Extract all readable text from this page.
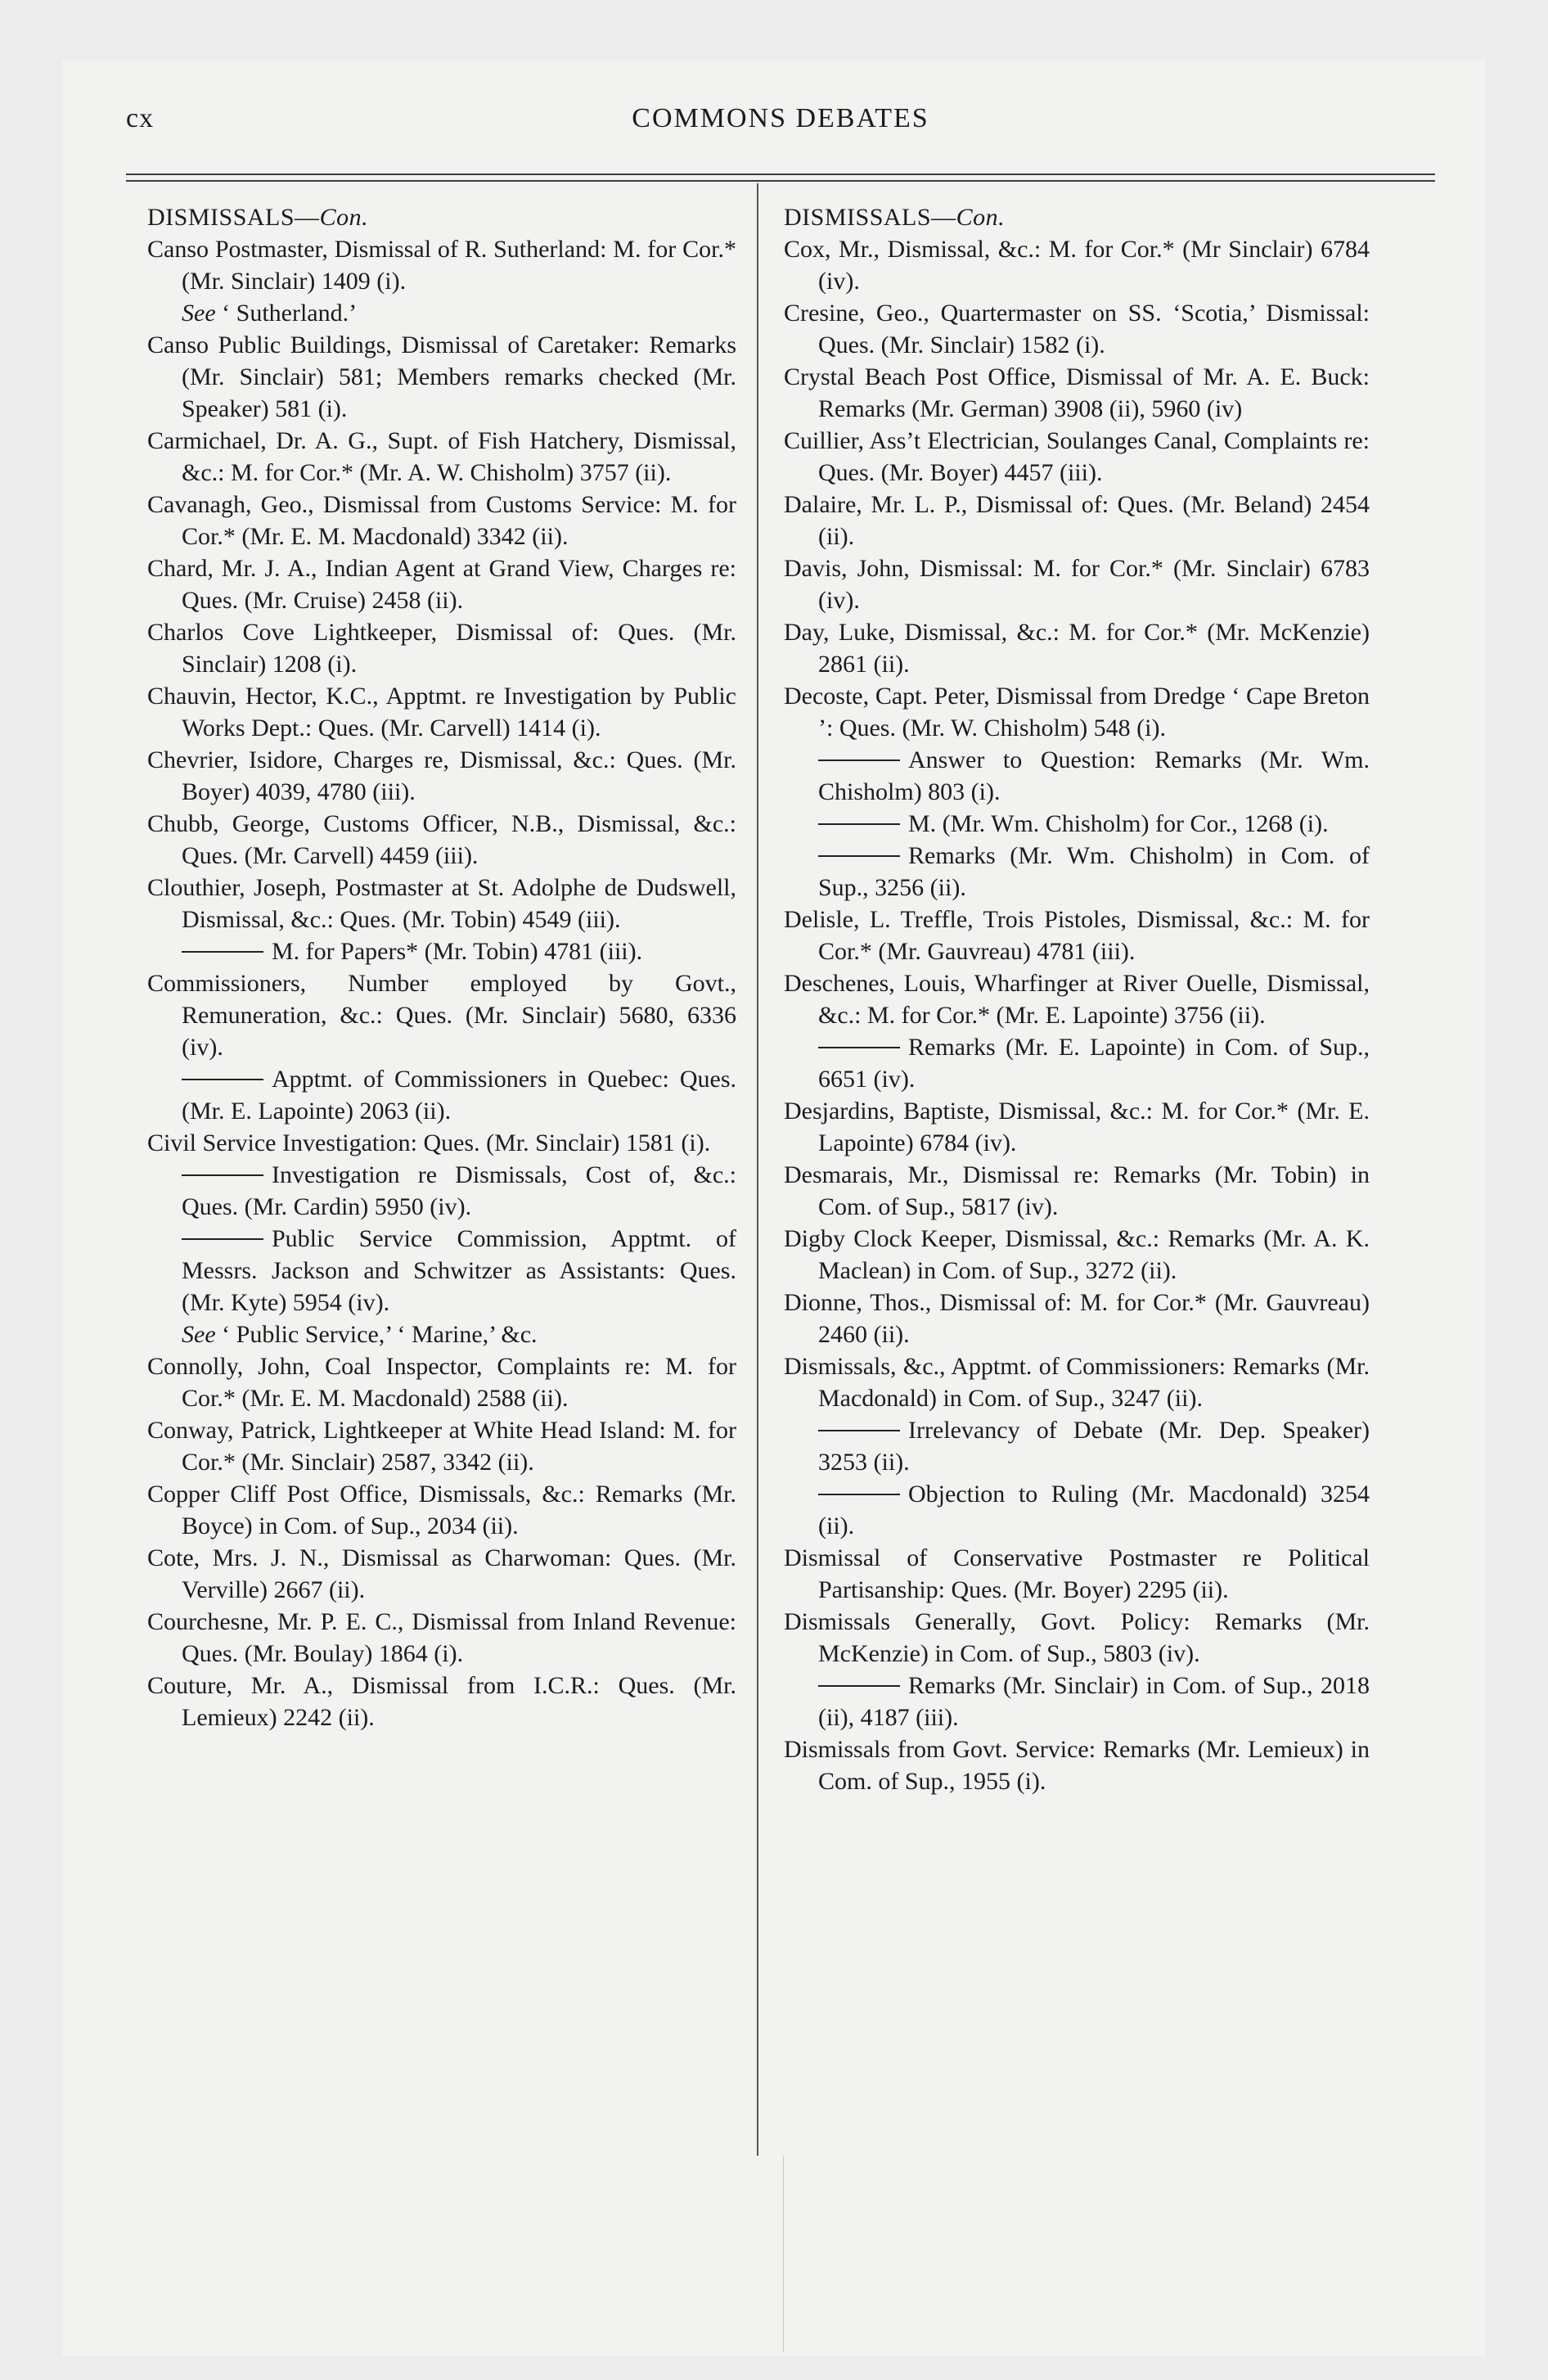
cx	COMMONS DEBATES

DISMISSALS—Con.

Canso Postmaster, Dismissal of R. Sutherland: M. for Cor.* (Mr. Sinclair) 1409 (i).

See ‘ Sutherland.’

Canso Public Buildings, Dismissal of Caretaker: Remarks (Mr. Sinclair) 581; Members remarks checked (Mr. Speaker) 581 (i).

Carmichael, Dr. A. G., Supt. of Fish Hatchery, Dismissal, &c.: M. for Cor.* (Mr. A. W. Chisholm) 3757 (ii).

Cavanagh, Geo., Dismissal from Customs Service: M. for Cor.* (Mr. E. M. Macdonald) 3342 (ii).

Chard, Mr. J. A., Indian Agent at Grand View, Charges re: Ques. (Mr. Cruise) 2458 (ii).

Charlos Cove Lightkeeper, Dismissal of: Ques. (Mr. Sinclair) 1208 (i).

Chauvin, Hector, K.C., Apptmt. re Investigation by Public Works Dept.: Ques. (Mr. Carvell) 1414 (i).

Chevrier, Isidore, Charges re, Dismissal, &c.: Ques. (Mr. Boyer) 4039, 4780 (iii).

Chubb, George, Customs Officer, N.B., Dismissal, &c.: Ques. (Mr. Carvell) 4459 (iii).

Clouthier, Joseph, Postmaster at St. Adolphe de Dudswell, Dismissal, &c.: Ques. (Mr. Tobin) 4549 (iii).

M. for Papers* (Mr. Tobin) 4781 (iii).

Commissioners, Number employed by Govt., Remuneration, &c.: Ques. (Mr. Sinclair) 5680, 6336 (iv).

Apptmt. of Commissioners in Quebec: Ques. (Mr. E. Lapointe) 2063 (ii).

Civil Service Investigation: Ques. (Mr. Sinclair) 1581 (i).

Investigation re Dismissals, Cost of, &c.: Ques. (Mr. Cardin) 5950 (iv).

Public Service Commission, Apptmt. of Messrs. Jackson and Schwitzer as Assistants: Ques. (Mr. Kyte) 5954 (iv).

See ‘ Public Service,’ ‘ Marine,’ &c.

Connolly, John, Coal Inspector, Complaints re: M. for Cor.* (Mr. E. M. Macdonald) 2588 (ii).

Conway, Patrick, Lightkeeper at White Head Island: M. for Cor.* (Mr. Sinclair) 2587, 3342 (ii).

Copper Cliff Post Office, Dismissals, &c.: Remarks (Mr. Boyce) in Com. of Sup., 2034 (ii).

Cote, Mrs. J. N., Dismissal as Charwoman: Ques. (Mr. Verville) 2667 (ii).

Courchesne, Mr. P. E. C., Dismissal from Inland Revenue: Ques. (Mr. Boulay) 1864 (i).

Couture, Mr. A., Dismissal from I.C.R.: Ques. (Mr. Lemieux) 2242 (ii).

DISMISSALS—Con.

Cox, Mr., Dismissal, &c.: M. for Cor.* (Mr Sinclair) 6784 (iv).

Cresine, Geo., Quartermaster on SS. ‘Scotia,’ Dismissal: Ques. (Mr. Sinclair) 1582 (i).

Crystal Beach Post Office, Dismissal of Mr. A. E. Buck: Remarks (Mr. German) 3908 (ii), 5960 (iv)

Cuillier, Ass’t Electrician, Soulanges Canal, Complaints re: Ques. (Mr. Boyer) 4457 (iii).

Dalaire, Mr. L. P., Dismissal of: Ques. (Mr. Beland) 2454 (ii).

Davis, John, Dismissal: M. for Cor.* (Mr. Sinclair) 6783 (iv).

Day, Luke, Dismissal, &c.: M. for Cor.* (Mr. McKenzie) 2861 (ii).

Decoste, Capt. Peter, Dismissal from Dredge ‘ Cape Breton ’: Ques. (Mr. W. Chisholm) 548 (i).

Answer to Question: Remarks (Mr. Wm. Chisholm) 803 (i).

M. (Mr. Wm. Chisholm) for Cor., 1268 (i).

Remarks (Mr. Wm. Chisholm) in Com. of Sup., 3256 (ii).

Delisle, L. Treffle, Trois Pistoles, Dismissal, &c.: M. for Cor.* (Mr. Gauvreau) 4781 (iii).

Deschenes, Louis, Wharfinger at River Ouelle, Dismissal, &c.: M. for Cor.* (Mr. E. Lapointe) 3756 (ii).

Remarks (Mr. E. Lapointe) in Com. of Sup., 6651 (iv).

Desjardins, Baptiste, Dismissal, &c.: M. for Cor.* (Mr. E. Lapointe) 6784 (iv).

Desmarais, Mr., Dismissal re: Remarks (Mr. Tobin) in Com. of Sup., 5817 (iv).

Digby Clock Keeper, Dismissal, &c.: Remarks (Mr. A. K. Maclean) in Com. of Sup., 3272 (ii).

Dionne, Thos., Dismissal of: M. for Cor.* (Mr. Gauvreau) 2460 (ii).

Dismissals, &c., Apptmt. of Commissioners: Remarks (Mr. Macdonald) in Com. of Sup., 3247 (ii).

Irrelevancy of Debate (Mr. Dep. Speaker) 3253 (ii).

Objection to Ruling (Mr. Macdonald) 3254 (ii).

Dismissal of Conservative Postmaster re Political Partisanship: Ques. (Mr. Boyer) 2295 (ii).

Dismissals Generally, Govt. Policy: Remarks (Mr. McKenzie) in Com. of Sup., 5803 (iv).

Remarks (Mr. Sinclair) in Com. of Sup., 2018 (ii), 4187 (iii).

Dismissals from Govt. Service: Remarks (Mr. Lemieux) in Com. of Sup., 1955 (i).
